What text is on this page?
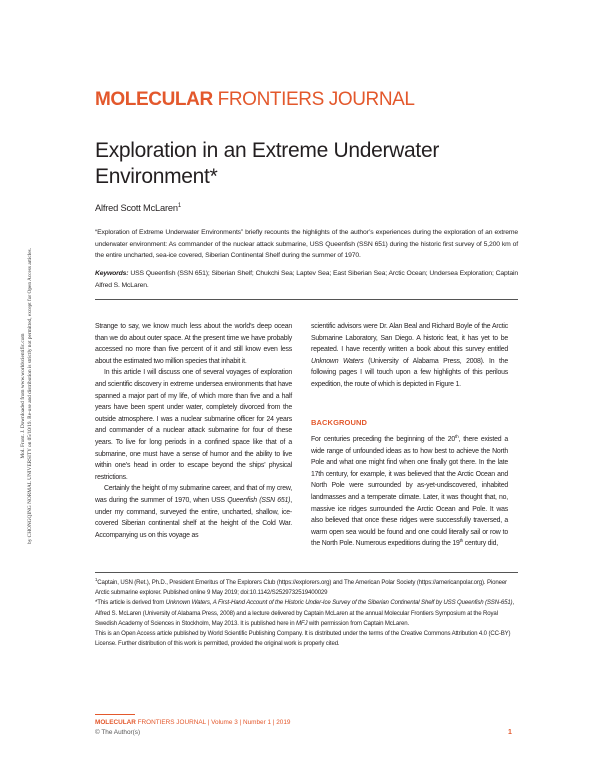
Mol. Front. J. Downloaded from www.worldscientific.com by CHONGQING NORMAL UNIVERSITY on 05/10/19. Re-use and distribution is strictly not permitted, except for Open Access articles.
MOLECULAR FRONTIERS JOURNAL
Exploration in an Extreme Underwater Environment*
Alfred Scott McLaren$^1$
“Exploration of Extreme Underwater Environments” briefly recounts the highlights of the author’s experiences during the exploration of an extreme underwater environment: As commander of the nuclear attack submarine, USS Queenfish (SSN 651) during the historic first survey of 5,200 km of the entire uncharted, sea-ice covered, Siberian Continental Shelf during the summer of 1970.
Keywords: USS Queenfish (SSN 651); Siberian Shelf; Chukchi Sea; Laptev Sea; East Siberian Sea; Arctic Ocean; Undersea Exploration; Captain Alfred S. McLaren.

Strange to say, we know much less about the world’s deep ocean than we do about outer space. At the present time we have probably accessed no more than five percent of it and still know even less about the estimated two million species that inhabit it.

In this article I will discuss one of several voyages of exploration and scientific discovery in extreme undersea environments that have spanned a major part of my life, of which more than five and a half years have been spent under water, completely divorced from the outside atmosphere. I was a nuclear submarine officer for 24 years and commander of a nuclear attack submarine for four of these years. To live for long periods in a confined space like that of a submarine, one must have a sense of humor and the ability to live within one’s head in order to escape beyond the ships’ physical restrictions.

Certainly the height of my submarine career, and that of my crew, was during the summer of 1970, when USS Queenfish (SSN 651), under my command, surveyed the entire, uncharted, shallow, ice-covered Siberian continental shelf at the height of the Cold War. Accompanying us on this voyage as

scientific advisors were Dr. Alan Beal and Richard Boyle of the Arctic Submarine Laboratory, San Diego. A historic feat, it has yet to be repeated. I have recently written a book about this survey entitled Unknown Waters (University of Alabama Press, 2008). In the following pages I will touch upon a few highlights of this perilous expedition, the route of which is depicted in Figure 1.

BACKGROUND

For centuries preceding the beginning of the 20th, there existed a wide range of unfounded ideas as to how best to achieve the North Pole and what one might find when one finally got there. In the late 17th century, for example, it was believed that the Arctic Ocean and North Pole were surrounded by as-yet-undiscovered, inhabited landmasses and a temperate climate. Later, it was thought that, no, massive ice ridges surrounded the Arctic Ocean and Pole. It was also believed that once these ridges were successfully traversed, a warm open sea would be found and one could literally sail or row to the North Pole. Numerous expeditions during the 19th century did,

$^1$Captain, USN (Ret.), Ph.D., President Emeritus of The Explorers Club (https://explorers.org) and The American Polar Society (https://americanpolar.org). Pioneer Arctic submarine explorer. Published online 9 May 2019; doi:10.1142/S2529732519400029

*This article is derived from Unknown Waters, A First-Hand Account of the Historic Under-Ice Survey of the Siberian Continental Shelf by USS Queenfish (SSN-651), Alfred S. McLaren (University of Alabama Press, 2008) and a lecture delivered by Captain McLaren at the annual Molecular Frontiers Symposium at the Royal Swedish Academy of Sciences in Stockholm, May 2013. It is published here in MFJ with permission from Captain McLaren.

This is an Open Access article published by World Scientific Publishing Company. It is distributed under the terms of the Creative Commons Attribution 4.0 (CC-BY) License. Further distribution of this work is permitted, provided the original work is properly cited.

MOLECULAR FRONTIERS JOURNAL | Volume 3 | Number 1 | 2019
© The Author(s)	1
